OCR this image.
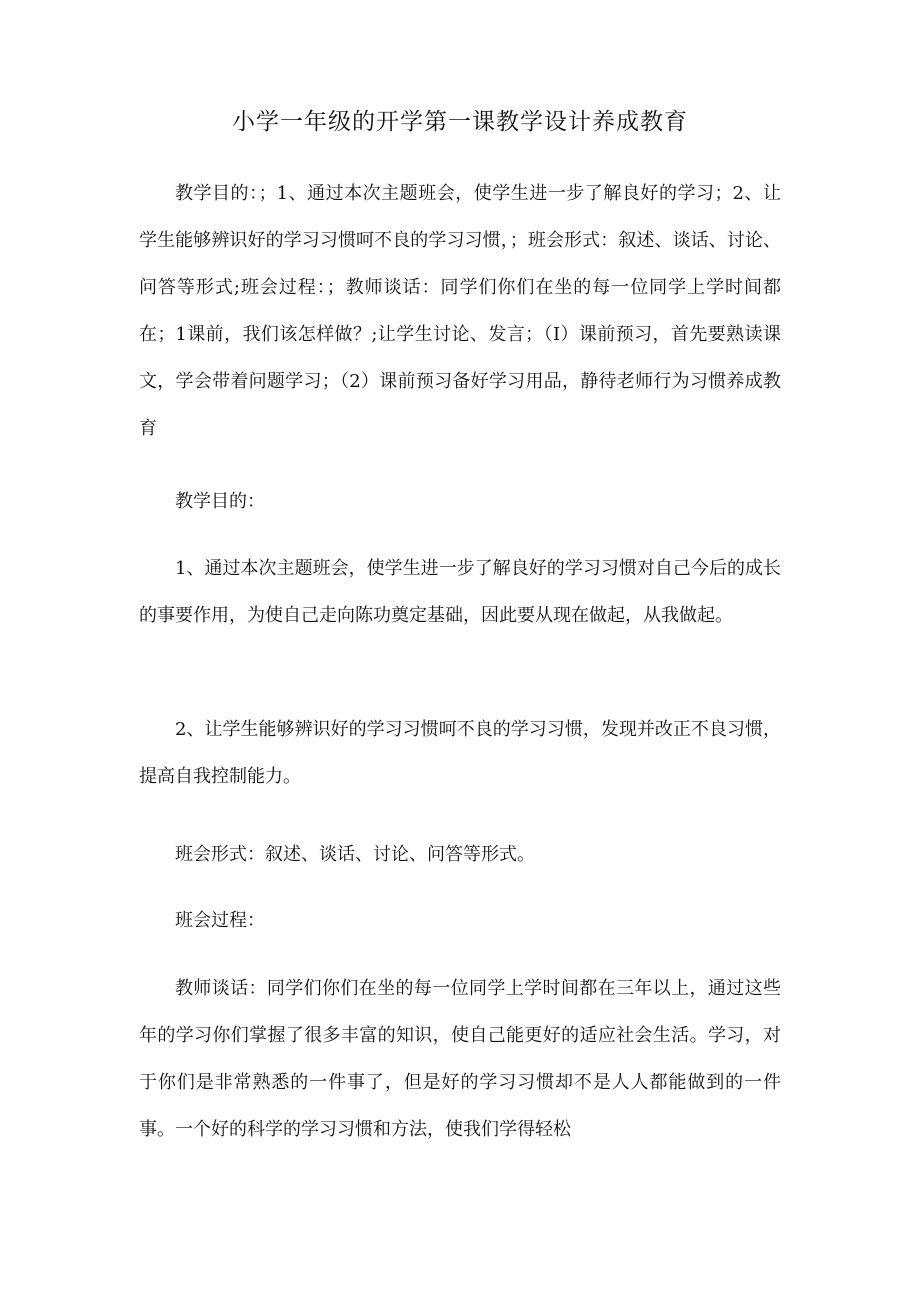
小学一年级的开学第一课教学设计养成教育

教学目的：；1、通过本次主题班会，使学生进一步了解良好的学习；2、让学生能够辨识好的学习习惯呵不良的学习习惯，；班会形式：叙述、谈话、讨论、问答等形式;班会过程：；教师谈话：同学们你们在坐的每一位同学上学时间都在；1课前，我们该怎样做？;让学生讨论、发言；（I）课前预习，首先要熟读课文，学会带着问题学习；（2）课前预习备好学习用品，静待老师行为习惯养成教育

教学目的：

1、通过本次主题班会，使学生进一步了解良好的学习习惯对自己今后的成长的事要作用，为使自己走向陈功奠定基础，因此要从现在做起，从我做起。

2、让学生能够辨识好的学习习惯呵不良的学习习惯，发现并改正不良习惯，提高自我控制能力。

班会形式：叙述、谈话、讨论、问答等形式。

班会过程：

教师谈话：同学们你们在坐的每一位同学上学时间都在三年以上，通过这些年的学习你们掌握了很多丰富的知识，使自己能更好的适应社会生活。学习，对于你们是非常熟悉的一件事了，但是好的学习习惯却不是人人都能做到的一件事。一个好的科学的学习习惯和方法，使我们学得轻松
